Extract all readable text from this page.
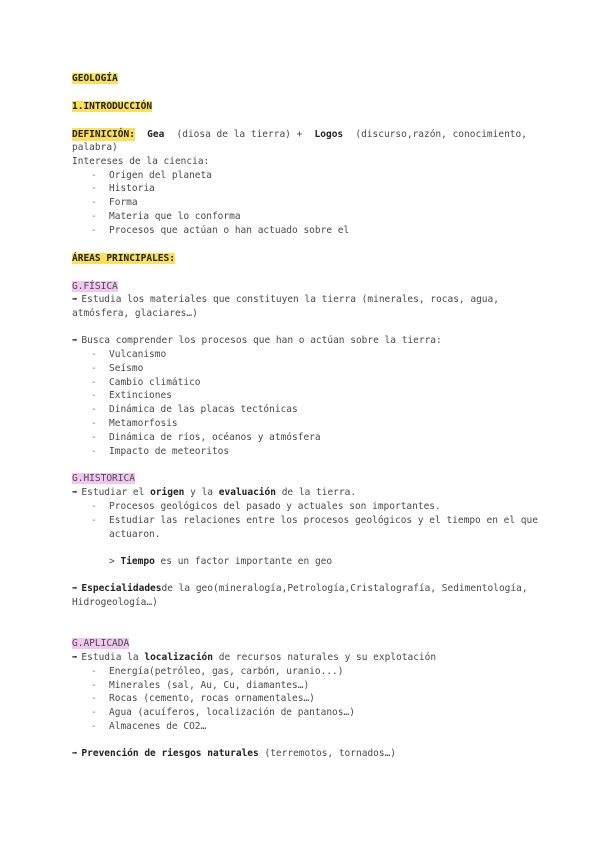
GEOLOGÍA
1.INTRODUCCIÓN
DEFINICIÓN: Gea (diosa de la tierra) + Logos (discurso,razón, conocimiento,
palabra)
Intereses de la ciencia:
- Origen del planeta
- Historia
- Forma
- Materia que lo conforma
- Procesos que actúan o han actuado sobre el
ÁREAS PRINCIPALES:
G.FÍSICA
➡ Estudia los materiales que constituyen la tierra (minerales, rocas, agua,
atmósfera, glaciares…)
➡ Busca comprender los procesos que han o actúan sobre la tierra:
- Vulcanismo
- Seísmo
- Cambio climático
- Extinciones
- Dinámica de las placas tectónicas
- Metamorfosis
- Dinámica de ríos, océanos y atmósfera
- Impacto de meteoritos
G.HISTORICA
➡ Estudiar el origen y la evaluación de la tierra.
- Procesos geológicos del pasado y actuales son importantes.
- Estudiar las relaciones entre los procesos geológicos y el tiempo en el que
actuaron.
> Tiempo es un factor importante en geo
➡ Especialidades de la geo(mineralogía,Petrología,Cristalografía, Sedimentología,
Hidrogeología…)
G.APLICADA
➡ Estudia la localización de recursos naturales y su explotación
- Energía(petróleo, gas, carbón, uranio...)
- Minerales (sal, Au, Cu, diamantes…)
- Rocas (cemento, rocas ornamentales…)
- Agua (acuíferos, localización de pantanos…)
- Almacenes de CO2…
➡ Prevención de riesgos naturales (terremotos, tornados…)
